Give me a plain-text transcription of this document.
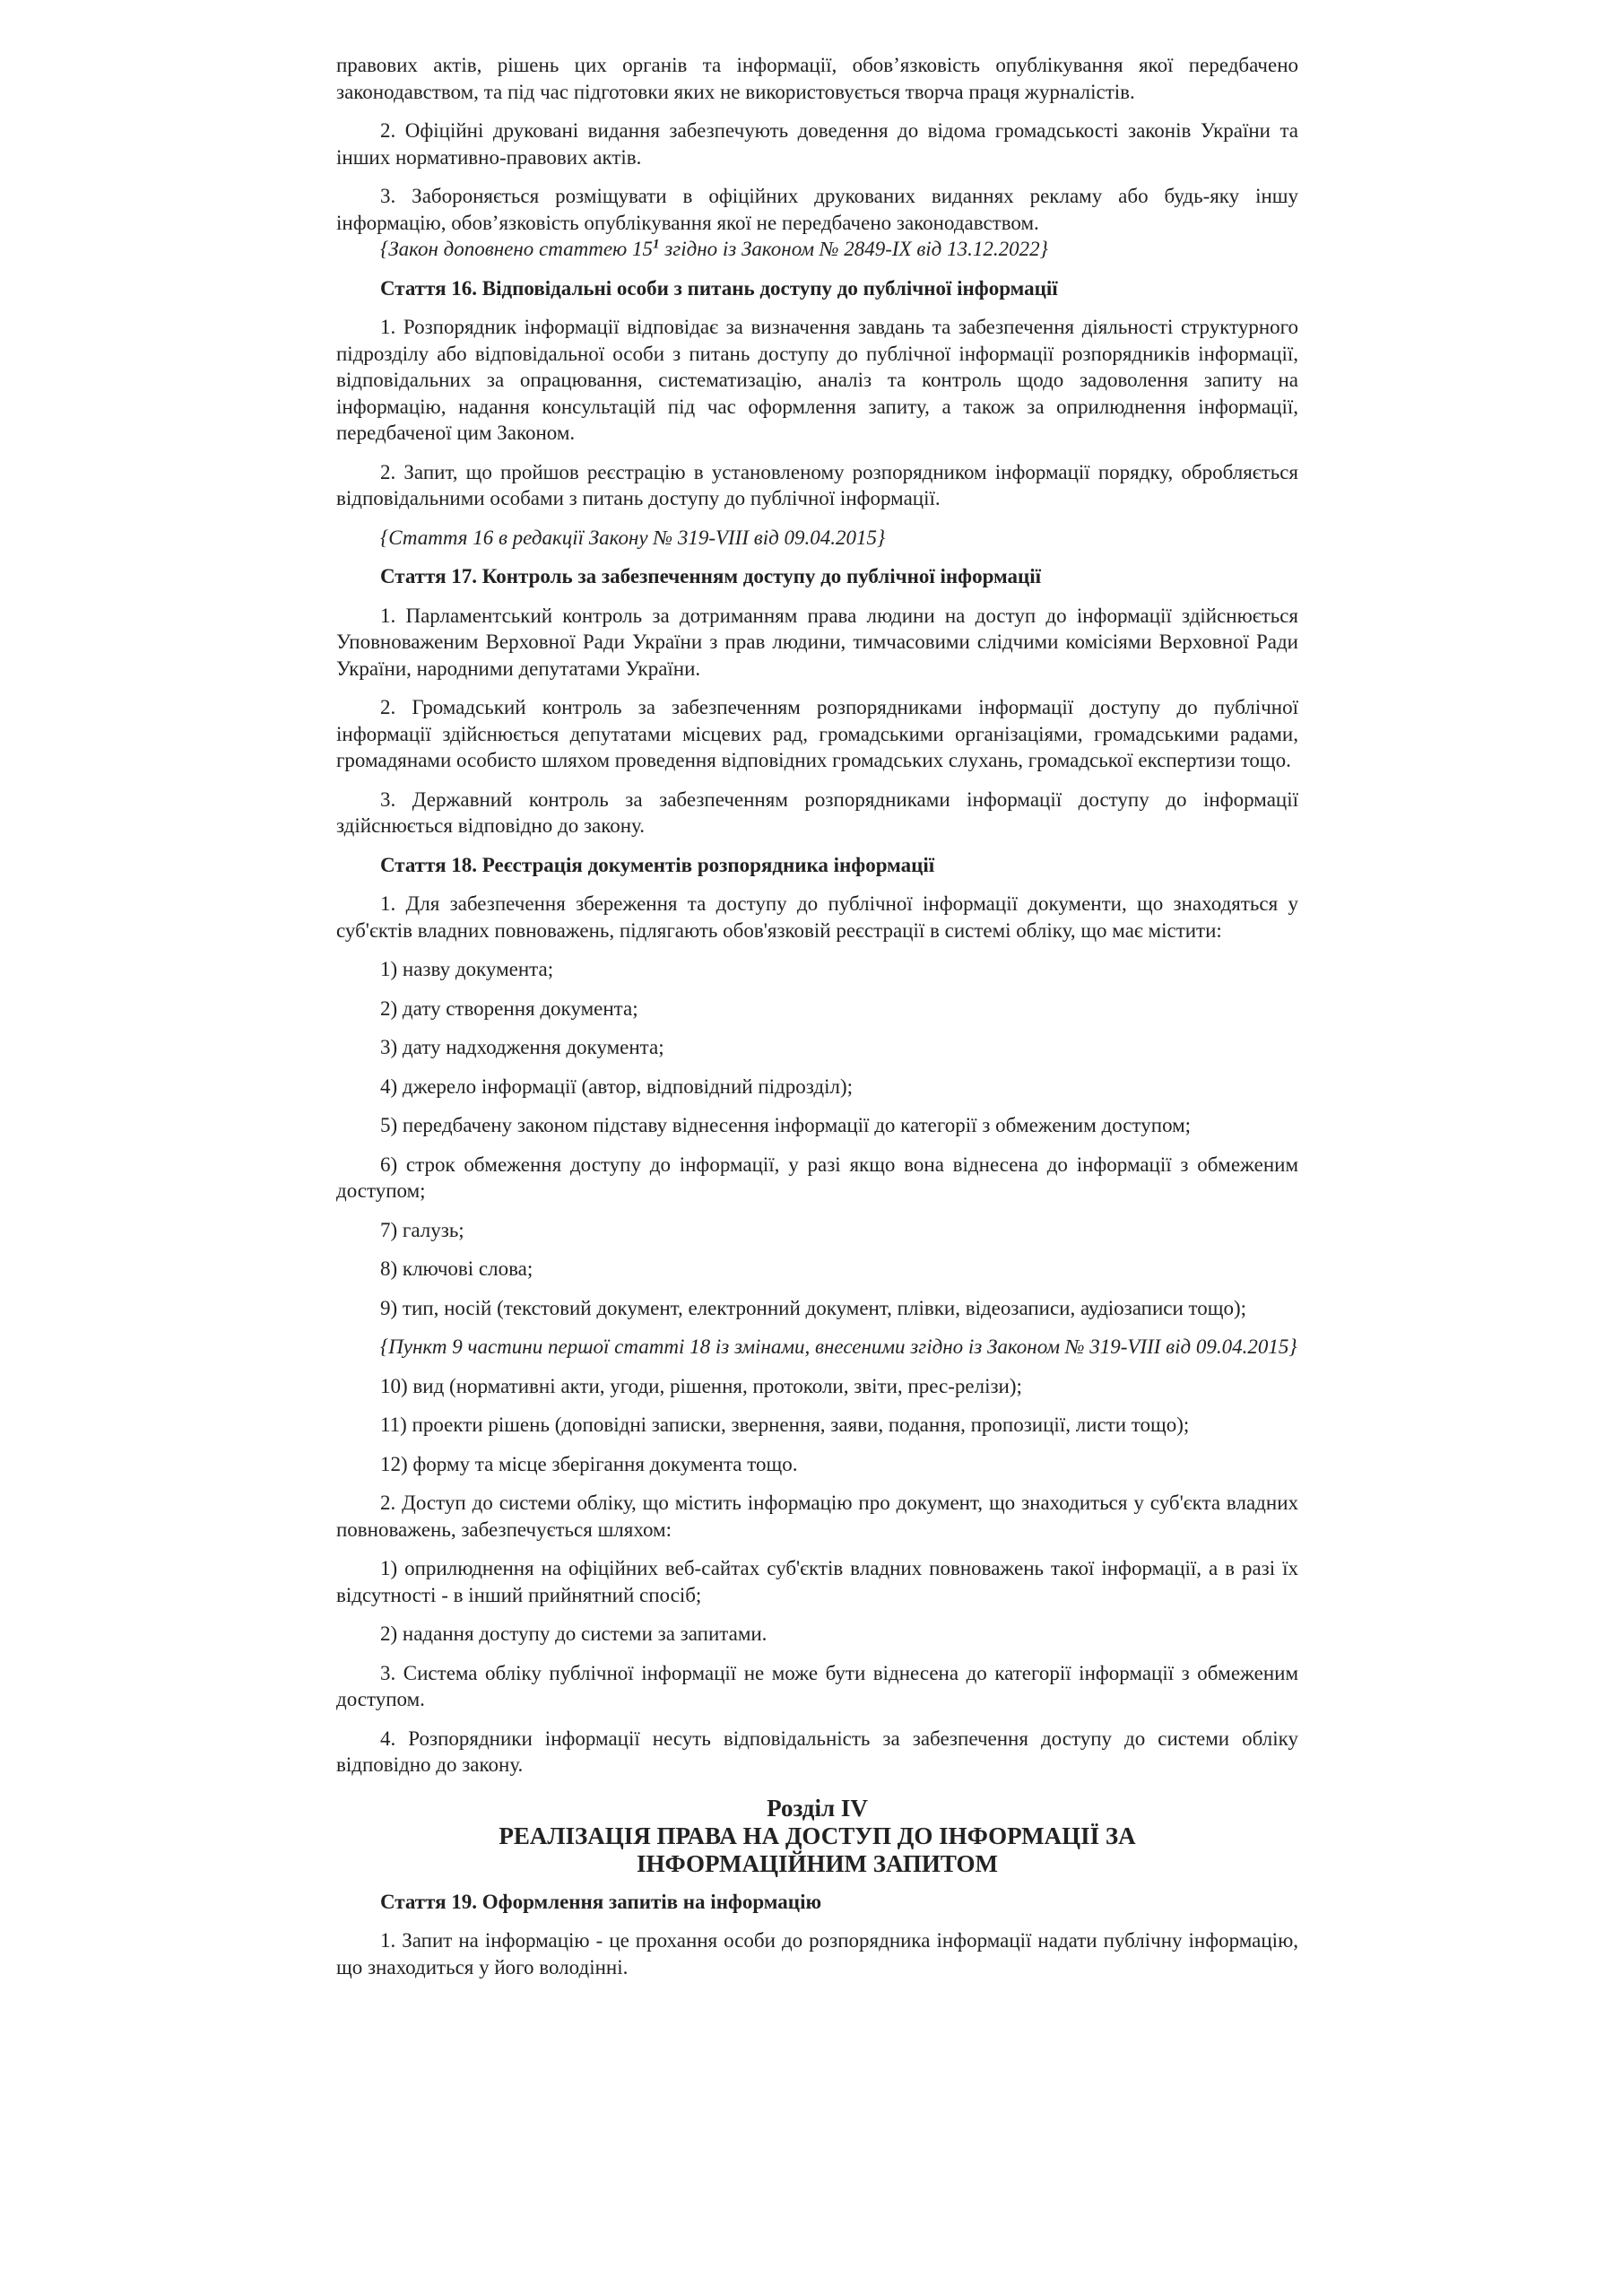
правових актів, рішень цих органів та інформації, обов’язковість опублікування якої передбачено законодавством, та під час підготовки яких не використовується творча праця журналістів.

2. Офіційні друковані видання забезпечують доведення до відома громадськості законів України та інших нормативно-правових актів.

3. Забороняється розміщувати в офіційних друкованих виданнях рекламу або будь-яку іншу інформацію, обов’язковість опублікування якої не передбачено законодавством.

{Закон доповнено статтею $15^1$ згідно із Законом № 2849-IX від 13.12.2022}

Стаття 16. Відповідальні особи з питань доступу до публічної інформації

1. Розпорядник інформації відповідає за визначення завдань та забезпечення діяльності структурного підрозділу або відповідальної особи з питань доступу до публічної інформації розпорядників інформації, відповідальних за опрацювання, систематизацію, аналіз та контроль щодо задоволення запиту на інформацію, надання консультацій під час оформлення запиту, а також за оприлюднення інформації, передбаченої цим Законом.

2. Запит, що пройшов реєстрацію в установленому розпорядником інформації порядку, обробляється відповідальними особами з питань доступу до публічної інформації.

{Стаття 16 в редакції Закону № 319-VIII від 09.04.2015}

Стаття 17. Контроль за забезпеченням доступу до публічної інформації

1. Парламентський контроль за дотриманням права людини на доступ до інформації здійснюється Уповноваженим Верховної Ради України з прав людини, тимчасовими слідчими комісіями Верховної Ради України, народними депутатами України.

2. Громадський контроль за забезпеченням розпорядниками інформації доступу до публічної інформації здійснюється депутатами місцевих рад, громадськими організаціями, громадськими радами, громадянами особисто шляхом проведення відповідних громадських слухань, громадської експертизи тощо.

3. Державний контроль за забезпеченням розпорядниками інформації доступу до інформації здійснюється відповідно до закону.

Стаття 18. Реєстрація документів розпорядника інформації

1. Для забезпечення збереження та доступу до публічної інформації документи, що знаходяться у суб'єктів владних повноважень, підлягають обов'язковій реєстрації в системі обліку, що має містити:

1) назву документа;

2) дату створення документа;

3) дату надходження документа;

4) джерело інформації (автор, відповідний підрозділ);

5) передбачену законом підставу віднесення інформації до категорії з обмеженим доступом;

6) строк обмеження доступу до інформації, у разі якщо вона віднесена до інформації з обмеженим доступом;

7) галузь;

8) ключові слова;

9) тип, носій (текстовий документ, електронний документ, плівки, відеозаписи, аудіозаписи тощо);

{Пункт 9 частини першої статті 18 із змінами, внесеними згідно із Законом № 319-VIII від 09.04.2015}

10) вид (нормативні акти, угоди, рішення, протоколи, звіти, прес-релізи);

11) проекти рішень (доповідні записки, звернення, заяви, подання, пропозиції, листи тощо);

12) форму та місце зберігання документа тощо.

2. Доступ до системи обліку, що містить інформацію про документ, що знаходиться у суб'єкта владних повноважень, забезпечується шляхом:

1) оприлюднення на офіційних веб-сайтах суб'єктів владних повноважень такої інформації, а в разі їх відсутності - в інший прийнятний спосіб;

2) надання доступу до системи за запитами.

3. Система обліку публічної інформації не може бути віднесена до категорії інформації з обмеженим доступом.

4. Розпорядники інформації несуть відповідальність за забезпечення доступу до системи обліку відповідно до закону.

Розділ IV
РЕАЛІЗАЦІЯ ПРАВА НА ДОСТУП ДО ІНФОРМАЦІЇ ЗА
ІНФОРМАЦІЙНИМ ЗАПИТОМ

Стаття 19. Оформлення запитів на інформацію

1. Запит на інформацію - це прохання особи до розпорядника інформації надати публічну інформацію, що знаходиться у його володінні.
